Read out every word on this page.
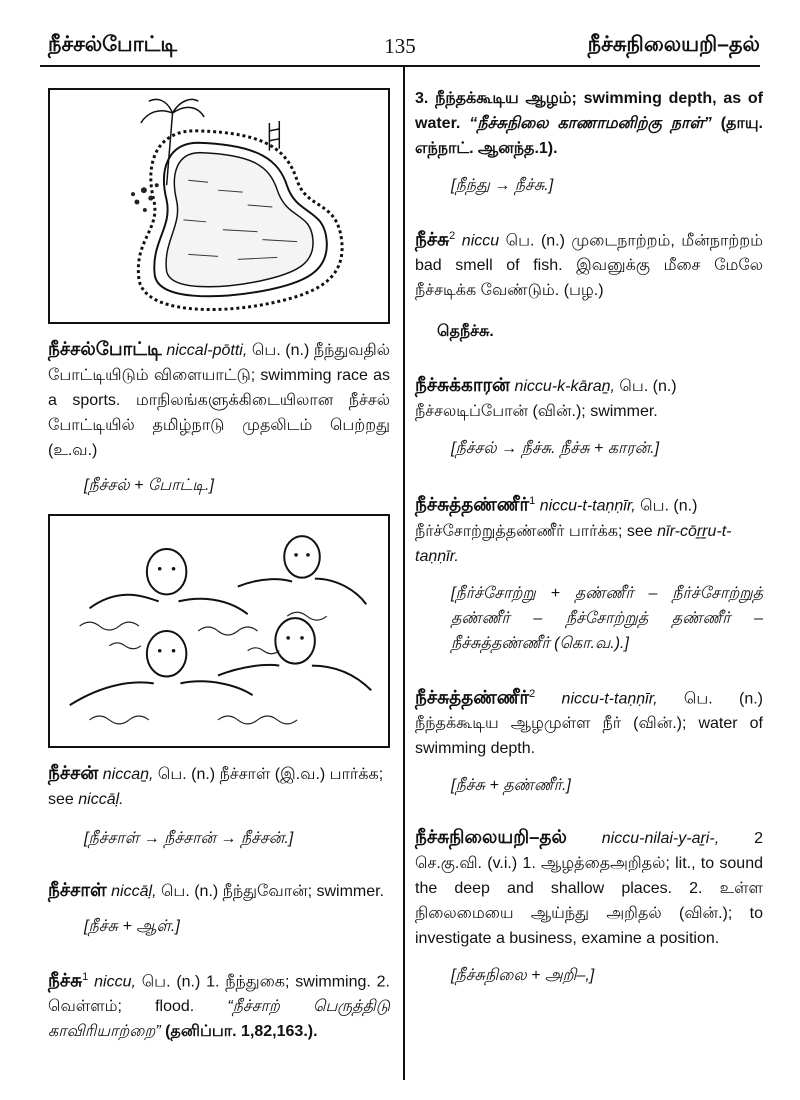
நீச்சல்போட்டி	135	நீச்சுநிலையறி–தல்

நீச்சல்போட்டி niccal-pōtti, பெ. (n.) நீந்துவதில் போட்டியிடும் விளையாட்டு; swimming race as a sports. மாநிலங்களுக்கிடையிலான நீச்சல் போட்டியில் தமிழ்நாடு முதலிடம் பெற்றது (உ.வ.)

[நீச்சல் + போட்டி.]

நீச்சன் niccaṉ, பெ. (n.) நீச்சாள் (இ.வ.) பார்க்க; see niccāḷ.

[நீச்சாள் → நீச்சான் → நீச்சன்.]

நீச்சாள் niccāḷ, பெ. (n.) நீந்துவோன்; swimmer.

[நீச்சு + ஆள்.]

நீச்சு$^1$ niccu, பெ. (n.) 1. நீந்துகை; swimming. 2. வெள்ளம்; flood. “நீச்சாற் பெருத்திடு காவிரியாற்றை” (தனிப்பா. 1,82,163.).

3. நீந்தக்கூடிய ஆழம்; swimming depth, as of water. “நீச்சுநிலை காணாமனிற்கு நாள்” (தாயு. எந்நாட். ஆனந்த.1).

[நீந்து → நீச்சு.]

நீச்சு$^2$ niccu பெ. (n.) முடைநாற்றம், மீன்நாற்றம் bad smell of fish. இவனுக்கு மீசை மேலே நீச்சடிக்க வேண்டும். (பழ.)

தெநீச்சு.

நீச்சுக்காரன் niccu-k-kāraṉ, பெ. (n.) நீச்சலடிப்போன் (வின்.); swimmer.

[நீச்சல் → நீச்சு. நீச்சு + காரன்.]

நீச்சுத்தண்ணீர்$^1$ niccu-t-taṇṇīr, பெ. (n.) நீர்ச்சோற்றுத்தண்ணீர் பார்க்க; see nīr-cōṟṟu-t-taṇṇīr.

[நீர்ச்சோற்று + தண்ணீர் – நீர்ச்சோற்றுத் தண்ணீர் – நீச்சோற்றுத் தண்ணீர் – நீச்சுத்தண்ணீர் (கொ.வ.).]

நீச்சுத்தண்ணீர்$^2$ niccu-t-taṇṇīr, பெ. (n.) நீந்தக்கூடிய ஆழமுள்ள நீர் (வின்.); water of swimming depth.

[நீச்சு + தண்ணீர்.]

நீச்சுநிலையறி–தல் niccu-nilai-y-aṟi-, 2 செ.கு.வி. (v.i.) 1. ஆழத்தைஅறிதல்; lit., to sound the deep and shallow places. 2. உள்ள நிலைமையை ஆய்ந்து அறிதல் (வின்.); to investigate a business, examine a position.

[நீச்சுநிலை + அறி–,]
